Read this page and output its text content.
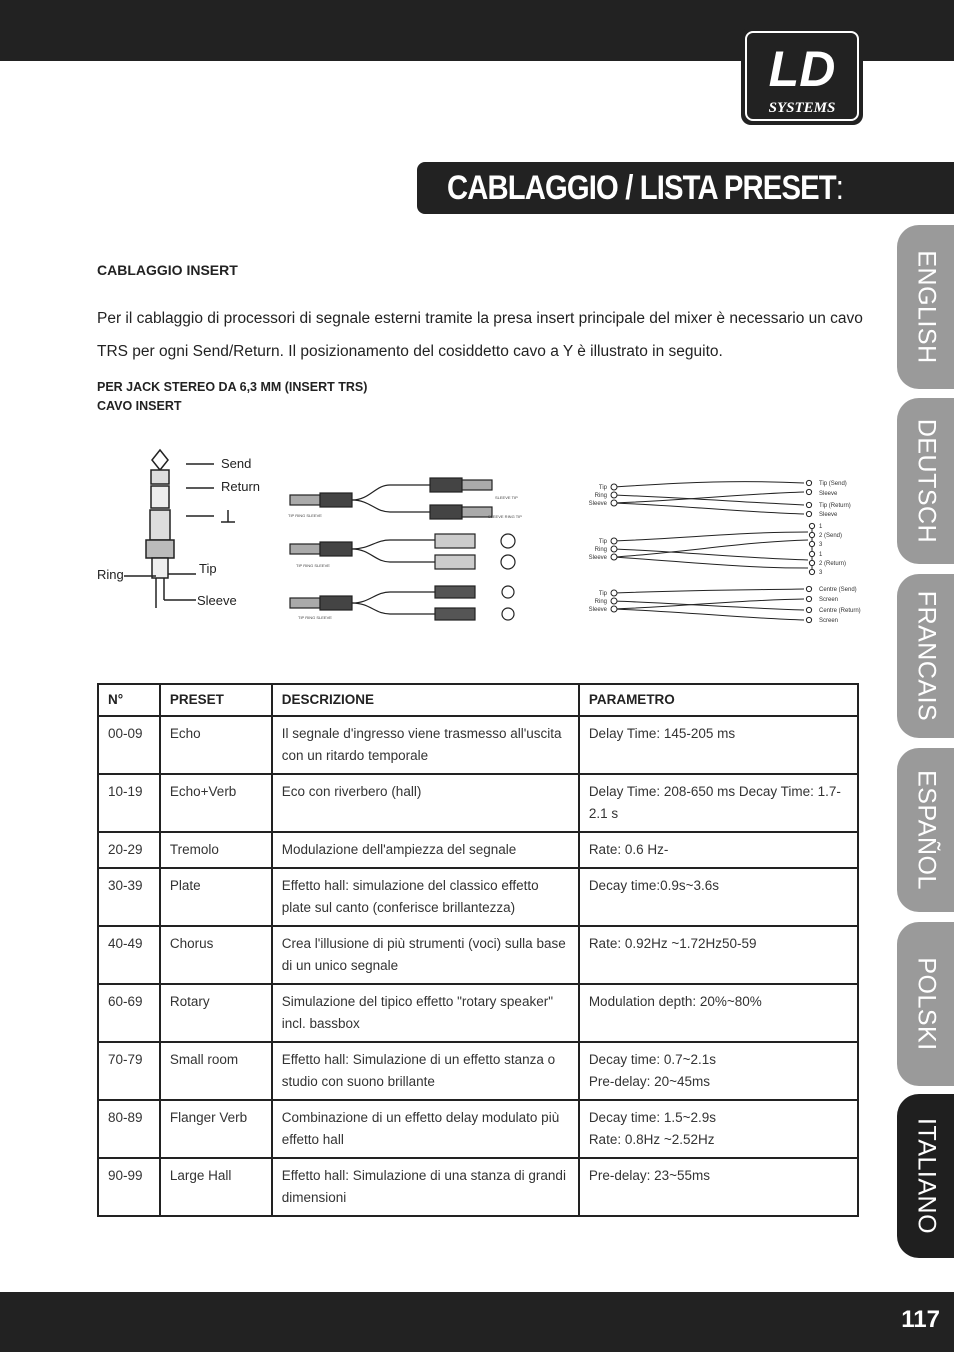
LD
SYSTEMS
CABLAGGIO / LISTA PRESET:
ENGLISH
DEUTSCH
FRANCAIS
ESPAÑOL
POLSKI
ITALIANO
CABLAGGIO INSERT
Per il cablaggio di processori di segnale esterni tramite la presa insert principale del mixer è necessario un cavo TRS per ogni Send/Return. Il posizionamento del cosiddetto cavo a Y è illustrato in seguito.
PER JACK STEREO DA 6,3 MM (INSERT TRS)
CAVO INSERT
Send
Return
Ring	Tip
Sleeve
TIP RING SLEEVE
SLEEVE TIP
SLEEVE RING TIP
TIP RING SLEEVE
TIP RING SLEEVE
Tip
Ring
Sleeve
Tip
Ring
Sleeve
Tip
Ring
Sleeve
Tip (Send)
Sleeve
Tip (Return)
Sleeve
1
2 (Send)
3
1
2 (Return)
3
Centre (Send)
Screen
Centre (Return)
Screen
N°	PRESET	DESCRIZIONE	PARAMETRO
00-09	Echo	Il segnale d'ingresso viene trasmesso all'uscita con un ritardo temporale	Delay Time: 145-205 ms
10-19	Echo+Verb	Eco con riverbero (hall)	Delay Time: 208-650 ms Decay Time: 1.7-2.1 s
20-29	Tremolo	Modulazione dell'ampiezza del segnale	Rate: 0.6 Hz-
30-39	Plate	Effetto hall: simulazione del classico effetto plate sul canto (conferisce brillantezza)	Decay time:0.9s~3.6s
40-49	Chorus	Crea l'illusione di più strumenti (voci) sulla base di un unico segnale	Rate: 0.92Hz ~1.72Hz50-59
60-69	Rotary	Simulazione del tipico effetto "rotary speaker" incl. bassbox	Modulation depth: 20%~80%
70-79	Small room	Effetto hall: Simulazione di un effetto stanza o studio con suono brillante	Decay time: 0.7~2.1s
Pre-delay: 20~45ms
80-89	Flanger Verb	Combinazione di un effetto delay modulato più effetto hall	Decay time: 1.5~2.9s
Rate: 0.8Hz ~2.52Hz
90-99	Large Hall	Effetto hall: Simulazione di una stanza di grandi dimensioni	Pre-delay: 23~55ms
117
